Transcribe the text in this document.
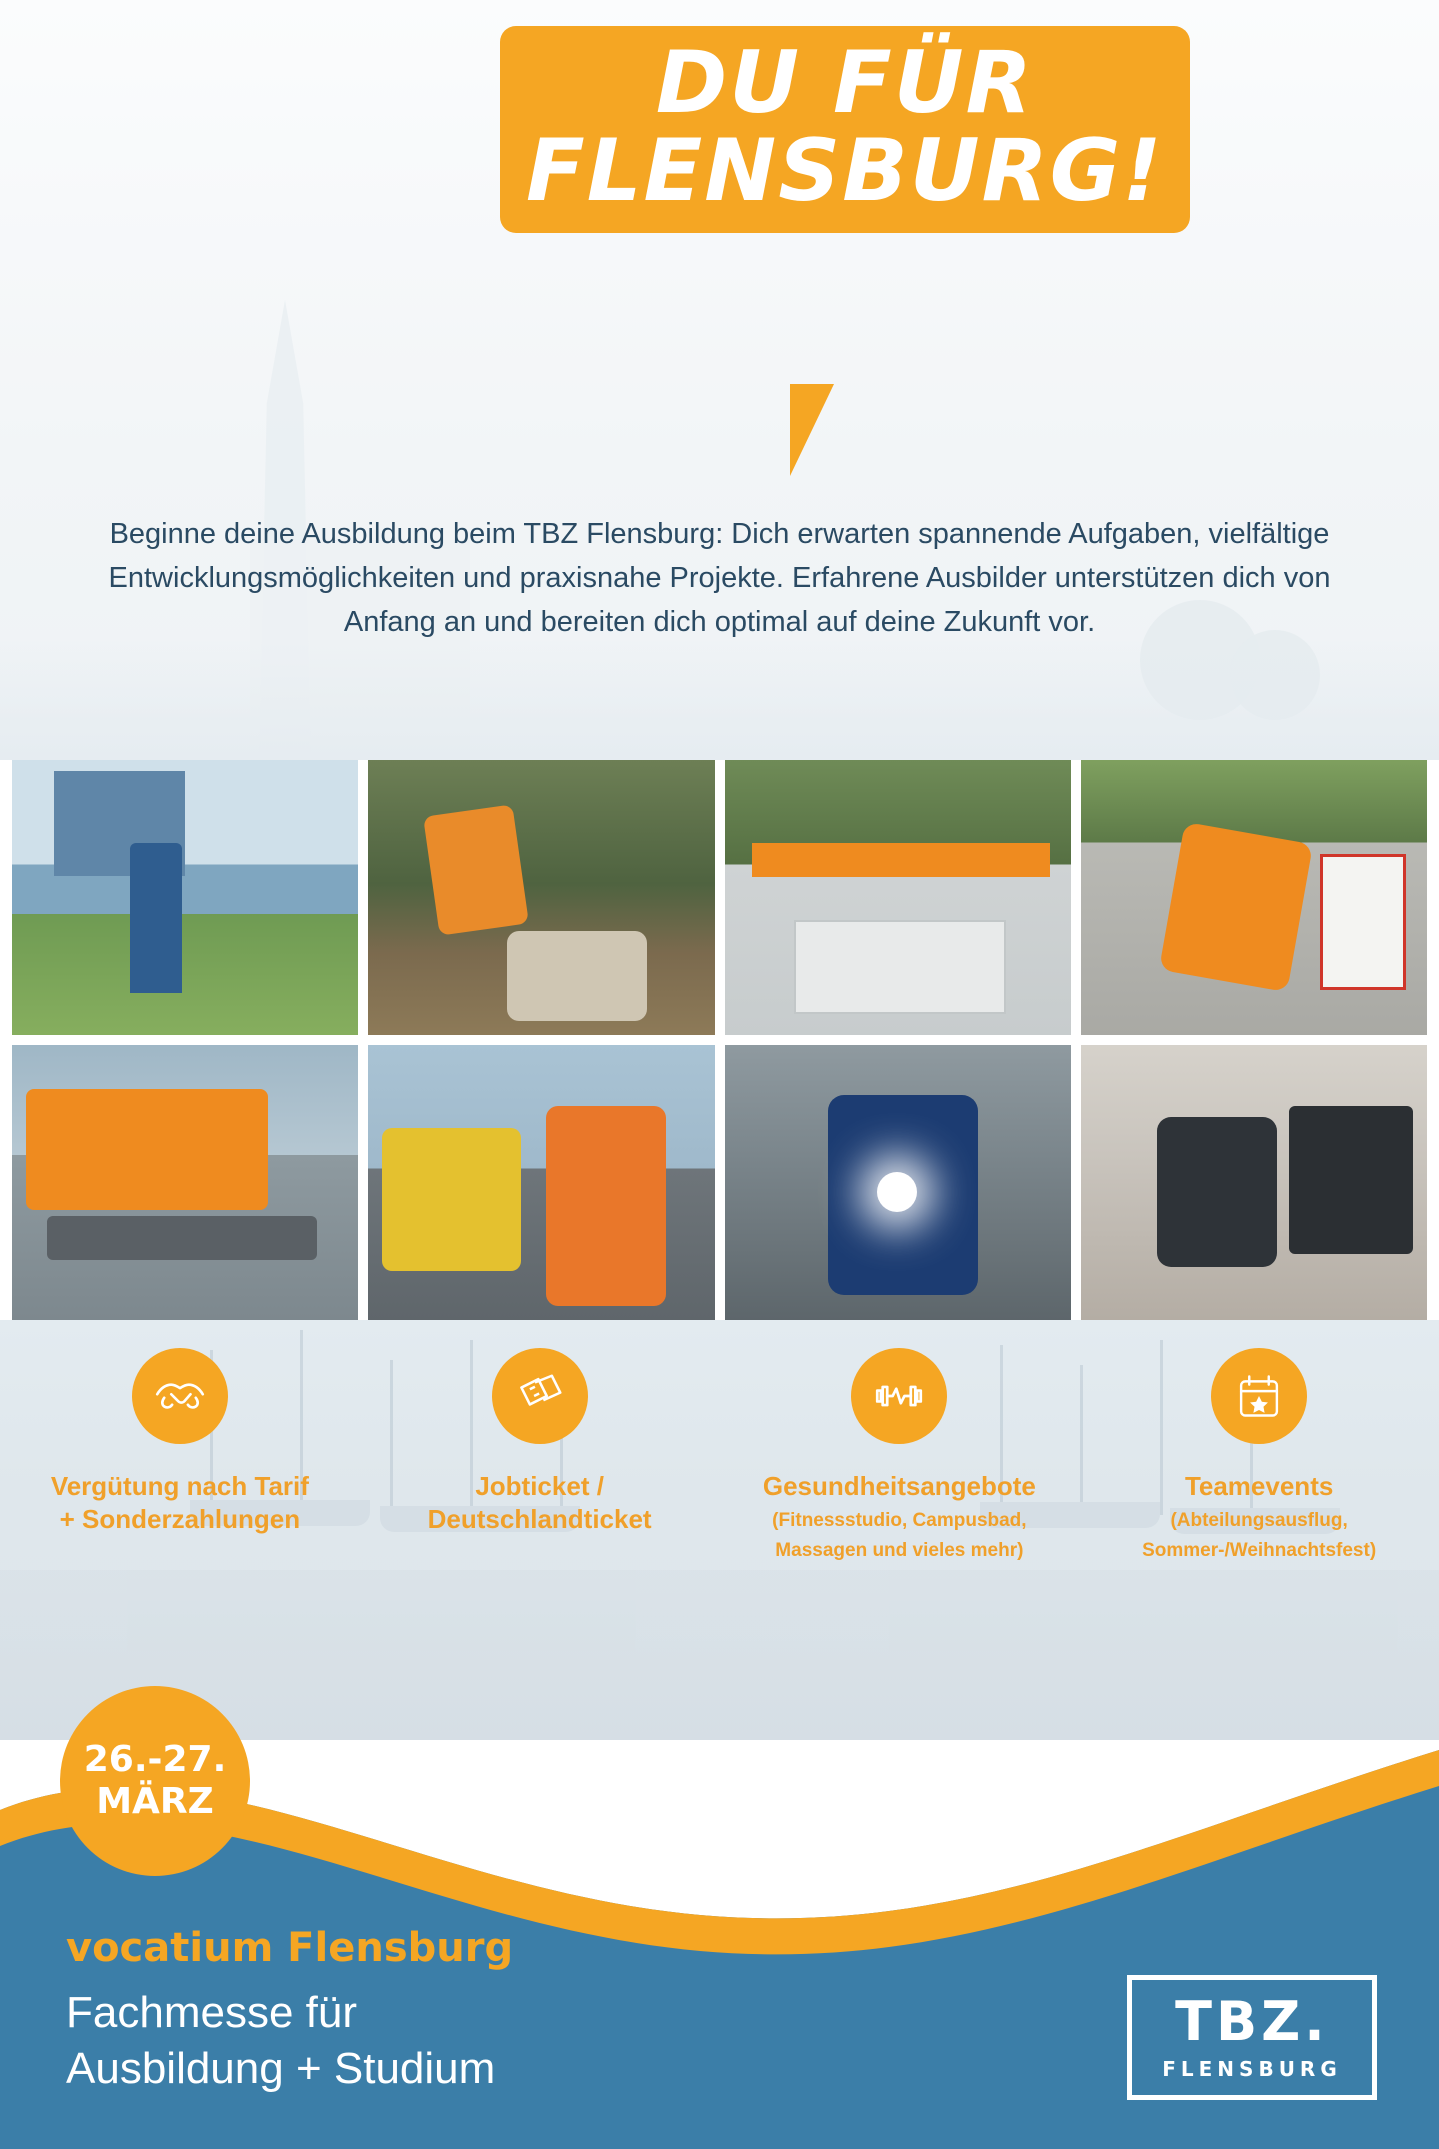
DU FÜR
FLENSBURG!
Beginne deine Ausbildung beim TBZ Flensburg: Dich erwarten spannende Aufgaben, vielfältige Entwicklungsmöglichkeiten und praxisnahe Projekte. Erfahrene Ausbilder unterstützen dich von Anfang an und bereiten dich optimal auf deine Zukunft vor.
Vergütung nach Tarif
+ Sonderzahlungen
Jobticket /
Deutschlandticket
Gesundheitsangebote
(Fitnessstudio, Campusbad,
Massagen und vieles mehr)
Teamevents
(Abteilungsausflug,
Sommer-/Weihnachtsfest)
26.-27.
MÄRZ
vocatium Flensburg
Fachmesse für
Ausbildung + Studium
TBZ.
FLENSBURG
